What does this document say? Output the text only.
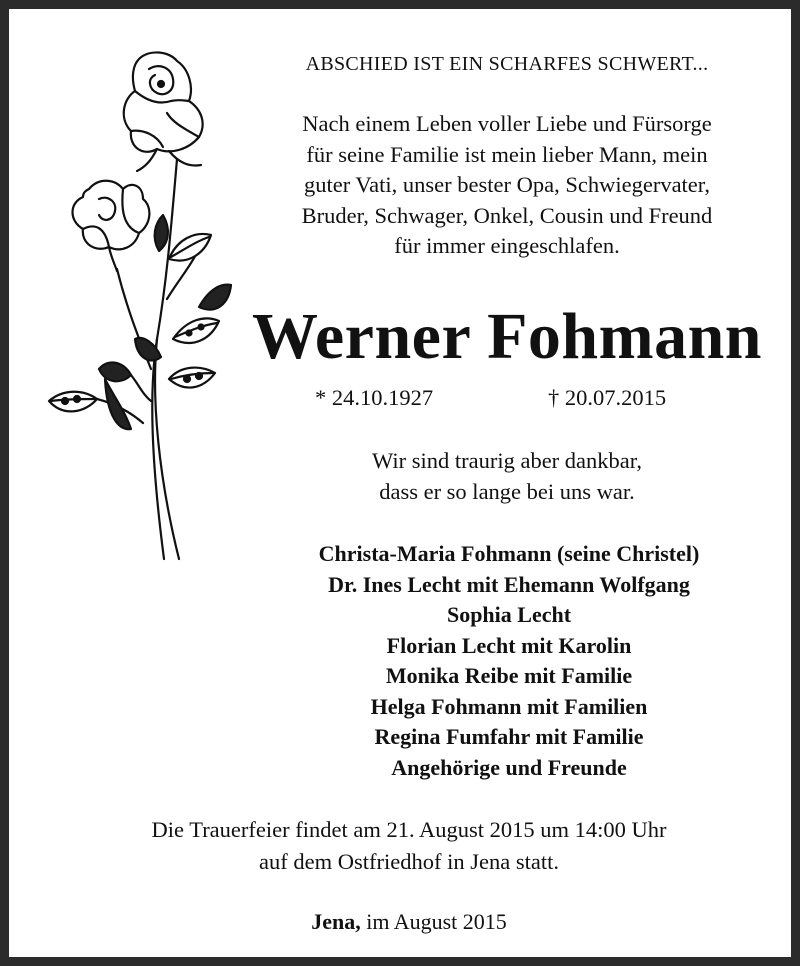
ABSCHIED IST EIN SCHARFES SCHWERT...

Nach einem Leben voller Liebe und Fürsorge
für seine Familie ist mein lieber Mann, mein
guter Vati, unser bester Opa, Schwiegervater,
Bruder, Schwager, Onkel, Cousin und Freund
für immer eingeschlafen.

Werner Fohmann

* 24.10.1927	† 20.07.2015
Wir sind traurig aber dankbar,
dass er so lange bei uns war.
Christa-Maria Fohmann (seine Christel)
Dr. Ines Lecht mit Ehemann Wolfgang
Sophia Lecht
Florian Lecht mit Karolin
Monika Reibe mit Familie
Helga Fohmann mit Familien
Regina Fumfahr mit Familie
Angehörige und Freunde
Die Trauerfeier findet am 21. August 2015 um 14:00 Uhr
auf dem Ostfriedhof in Jena statt.

Jena, im August 2015
